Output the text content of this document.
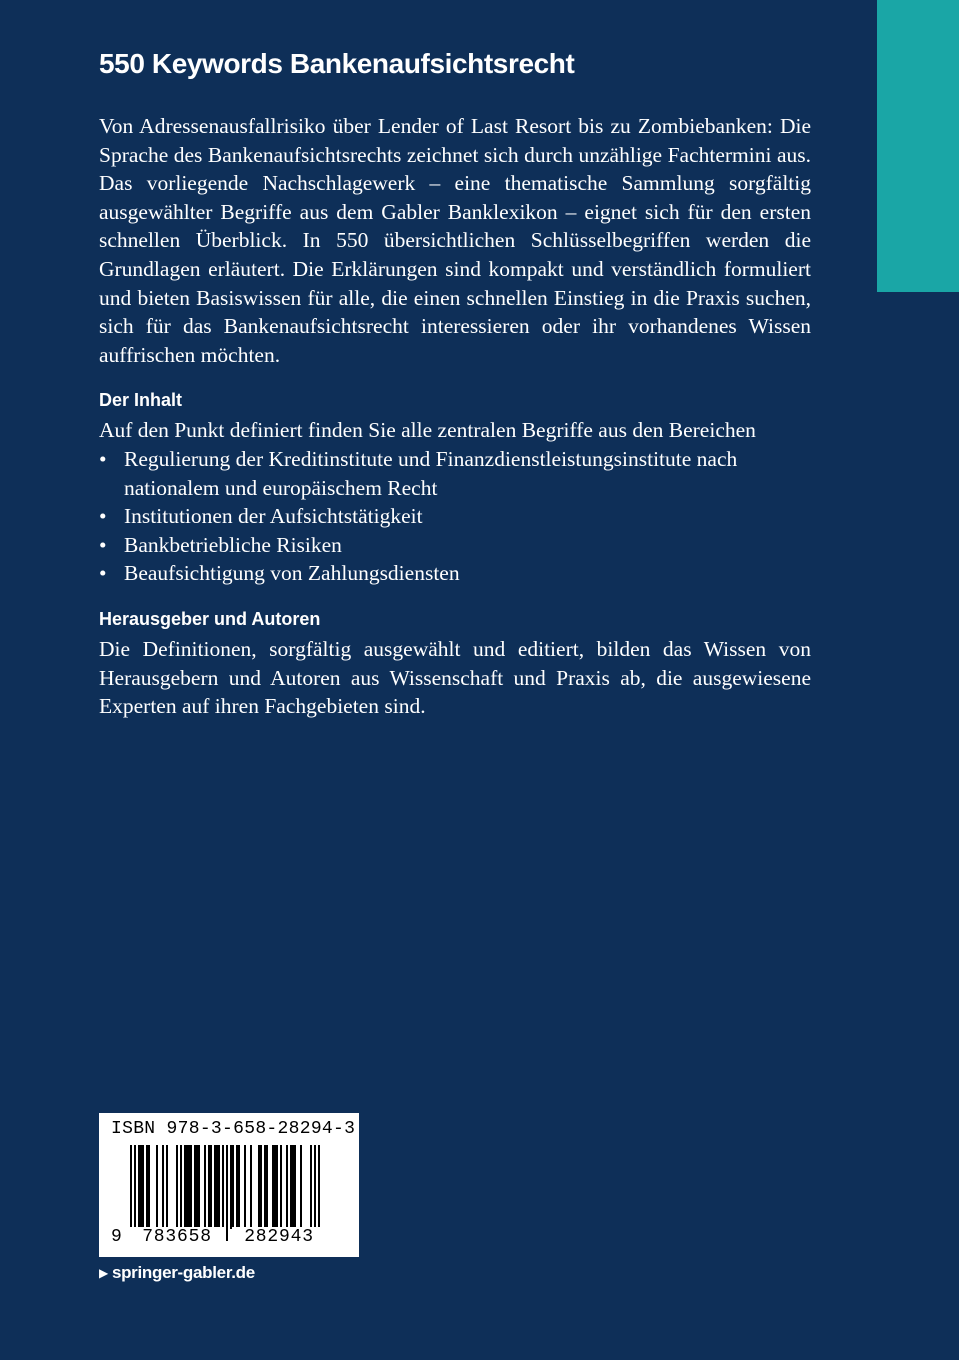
550 Keywords Bankenaufsichtsrecht

Von Adressenausfallrisiko über Lender of Last Resort bis zu Zombiebanken: Die Sprache des Bankenaufsichtsrechts zeichnet sich durch unzählige Fachtermini aus. Das vorliegende Nachschlagewerk – eine thematische Sammlung sorgfältig ausgewählter Begriffe aus dem Gabler Banklexikon – eignet sich für den ersten schnellen Überblick. In 550 übersichtlichen Schlüsselbegriffen werden die Grundlagen erläutert. Die Erklärungen sind kompakt und verständlich formuliert und bieten Basiswissen für alle, die einen schnellen Einstieg in die Praxis suchen, sich für das Bankenaufsichtsrecht interessieren oder ihr vorhandenes Wissen auffrischen möchten.

Der Inhalt

Auf den Punkt definiert finden Sie alle zentralen Begriffe aus den Bereichen

• Regulierung der Kreditinstitute und Finanzdienstleistungsinstitute nach nationalem und europäischem Recht
• Institutionen der Aufsichtstätigkeit
• Bankbetriebliche Risiken
• Beaufsichtigung von Zahlungsdiensten
Herausgeber und Autoren

Die Definitionen, sorgfältig ausgewählt und editiert, bilden das Wissen von Herausgebern und Autoren aus Wissenschaft und Praxis ab, die ausgewiesene Experten auf ihren Fachgebieten sind.

ISBN 978-3-658-28294-3
9	783658	282943
▶ springer-gabler.de
